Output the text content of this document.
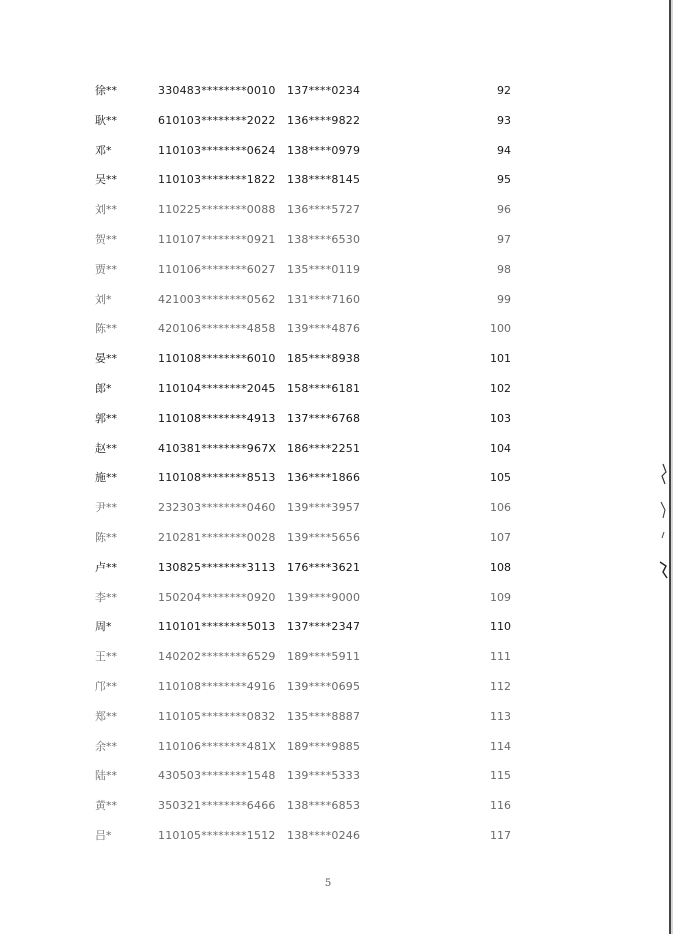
徐**	330483********0010 137****0234	92
耿**	610103********2022 136****9822	93
邓*	110103********0624 138****0979	94
吴**	110103********1822 138****8145	95
刘**	110225********0088 136****5727	96
贺**	110107********0921 138****6530	97
贾**	110106********6027 135****0119	98
刘*	421003********0562 131****7160	99
陈**	420106********4858 139****4876	100
晏**	110108********6010 185****8938	101
郎*	110104********2045 158****6181	102
郭**	110108********4913 137****6768	103
赵**	410381********967X 186****2251	104
施**	110108********8513 136****1866	105
尹**	232303********0460 139****3957	106
陈**	210281********0028 139****5656	107
卢**	130825********3113 176****3621	108
李**	150204********0920 139****9000	109
周*	110101********5013 137****2347	110
王**	140202********6529 189****5911	111
邝**	110108********4916 139****0695	112
郑**	110105********0832 135****8887	113
余**	110106********481X 189****9885	114
陆**	430503********1548 139****5333	115
黄**	350321********6466 138****6853	116
吕*	110105********1512 138****0246	117
5
